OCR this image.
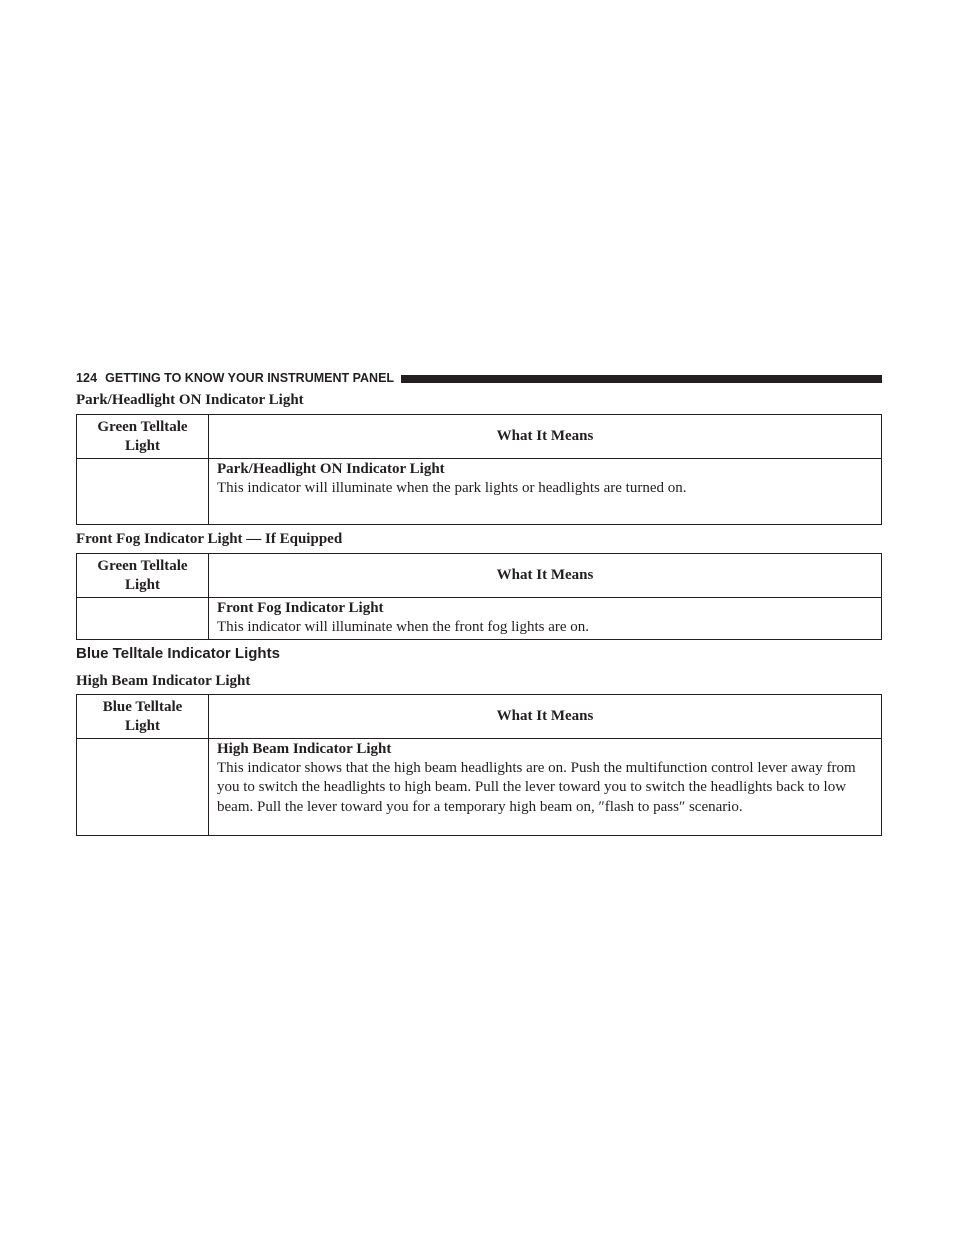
124 GETTING TO KNOW YOUR INSTRUMENT PANEL
Park/Headlight ON Indicator Light
Green Telltale
Light	What It Means

	Park/Headlight ON Indicator Light
This indicator will illuminate when the park lights or headlights are turned on.
Front Fog Indicator Light — If Equipped
Green Telltale
Light	What It Means

	Front Fog Indicator Light
This indicator will illuminate when the front fog lights are on.
Blue Telltale Indicator Lights
High Beam Indicator Light
Blue Telltale
Light	What It Means

	High Beam Indicator Light
This indicator shows that the high beam headlights are on. Push the multifunction control lever away from you to switch the headlights to high beam. Pull the lever toward you to switch the headlights back to low beam. Pull the lever toward you for a temporary high beam on, ″flash to pass″ scenario.
